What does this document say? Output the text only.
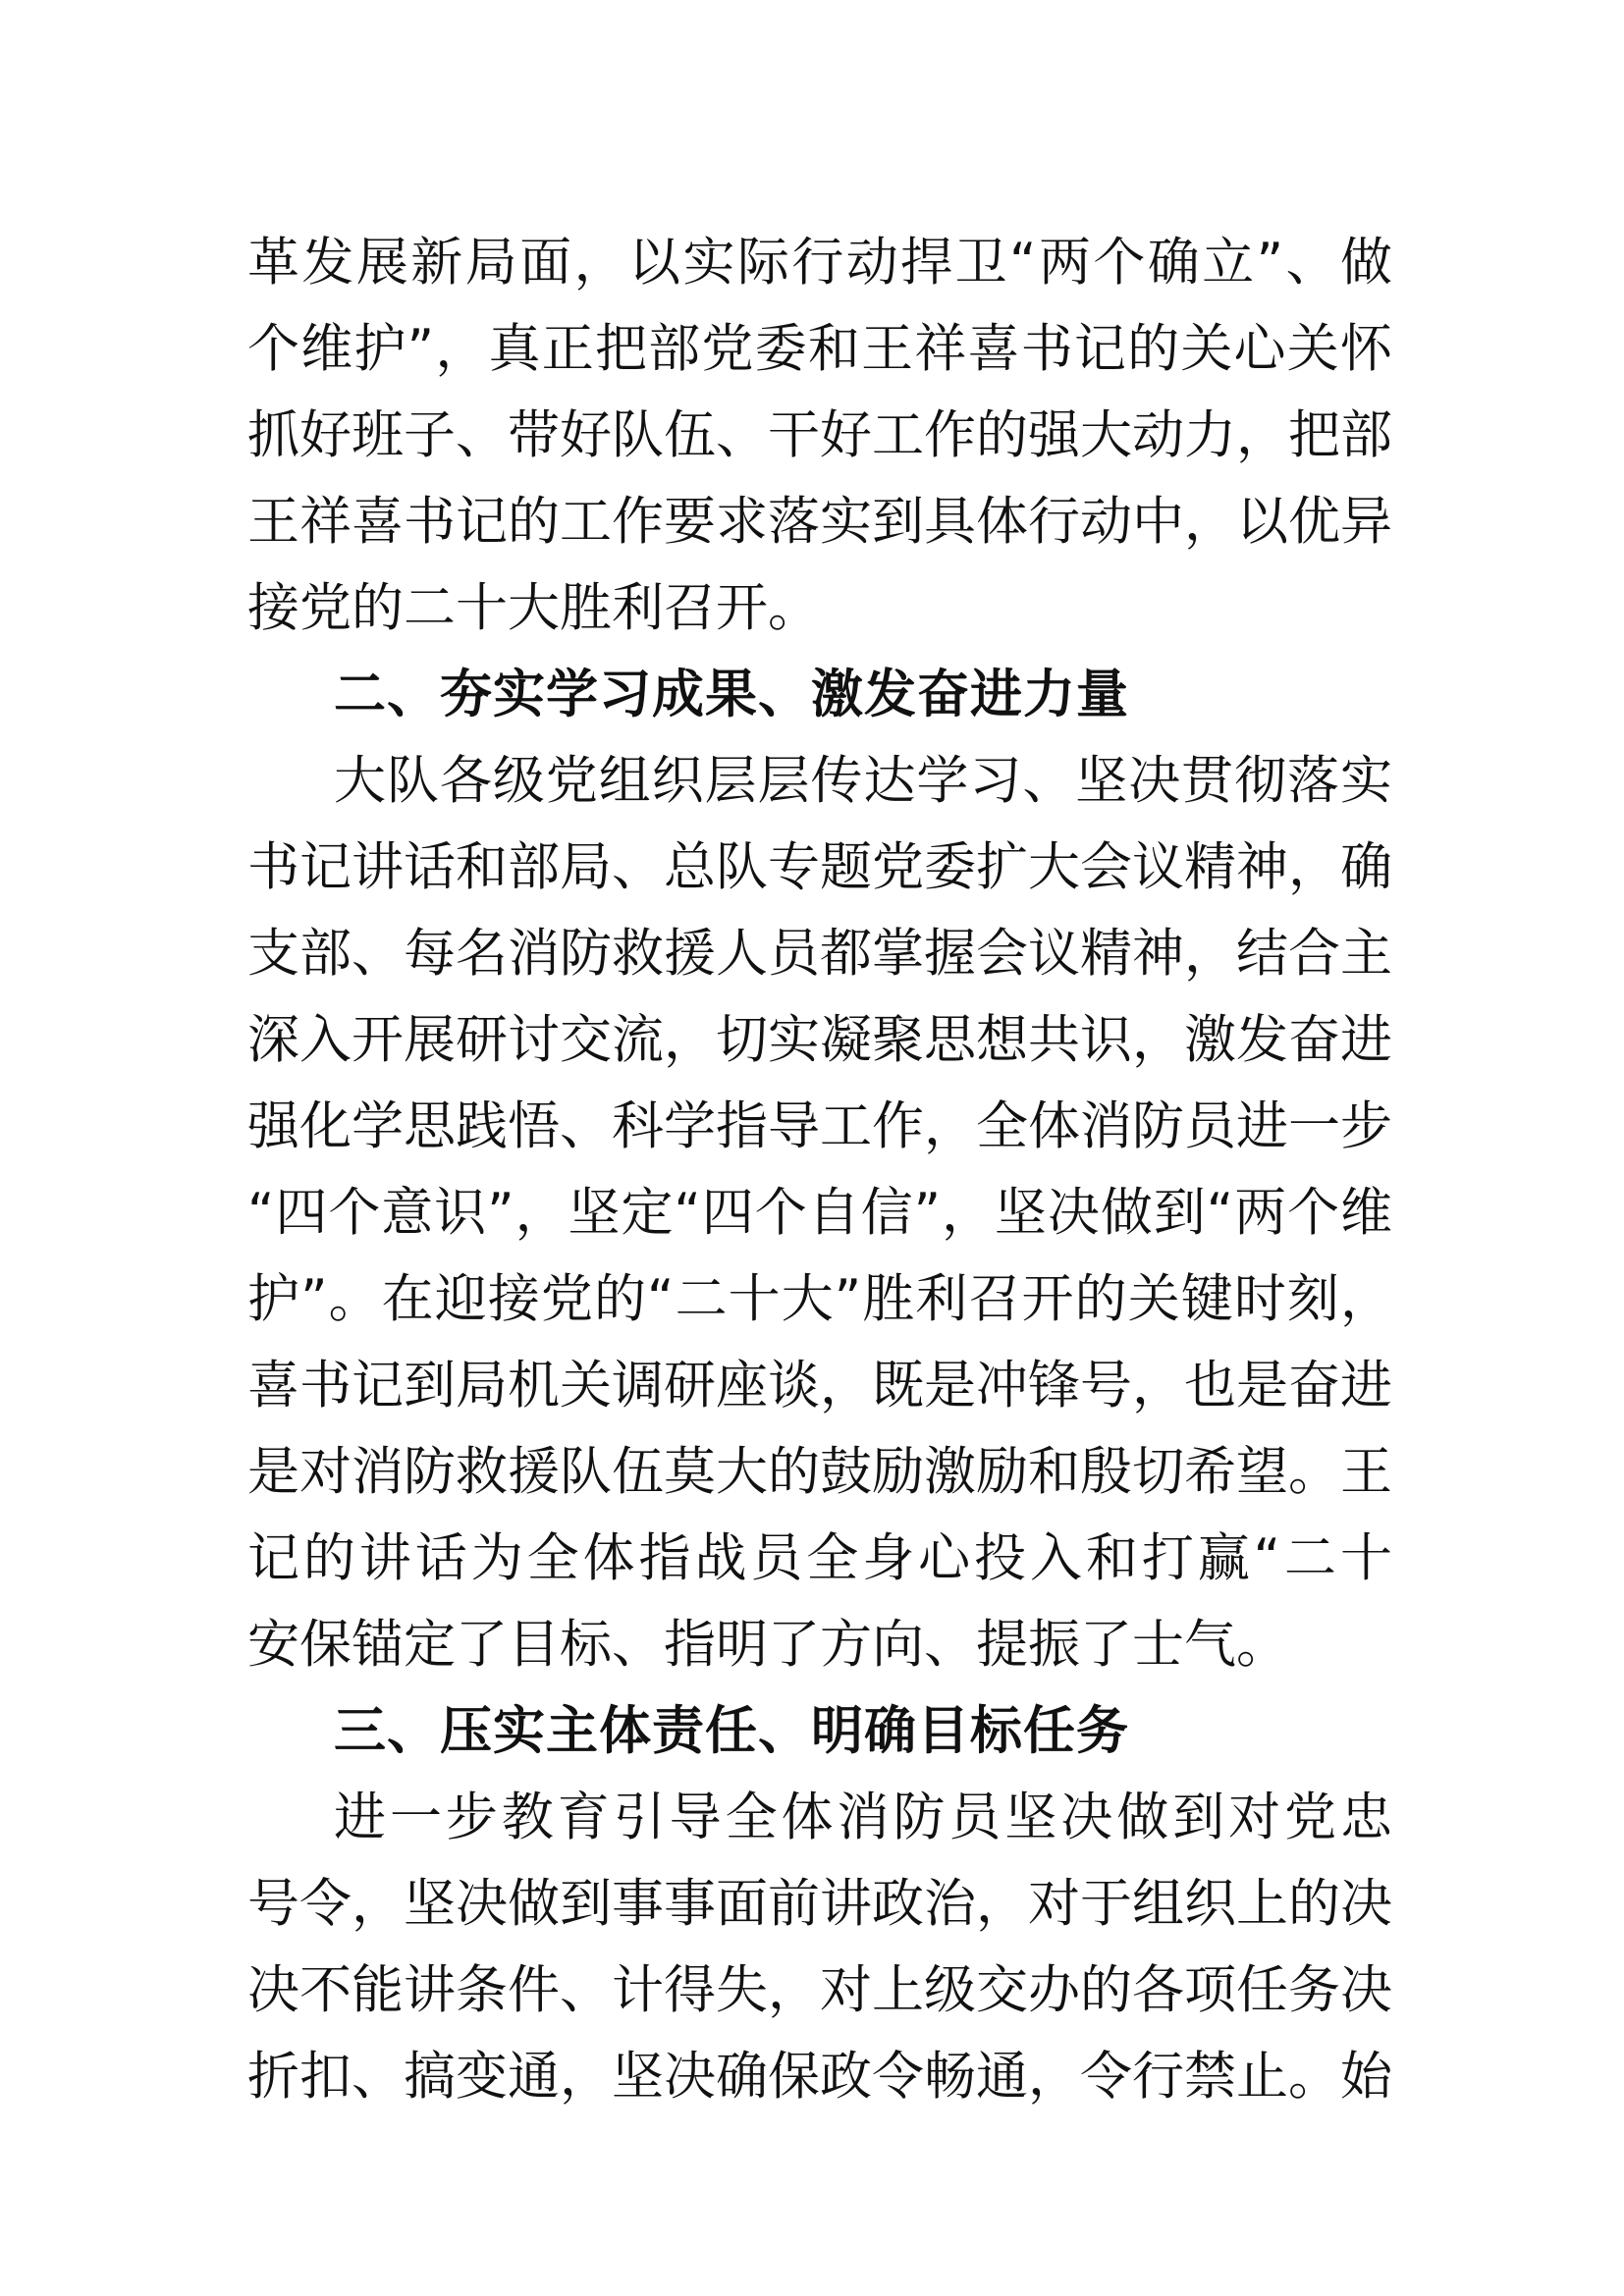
革发展新局面，以实际行动捍卫“两个确立”、做
个维护”，真正把部党委和王祥喜书记的关心关怀
抓好班子、带好队伍、干好工作的强大动力，把部
王祥喜书记的工作要求落实到具体行动中，以优异
接党的二十大胜利召开。
二、夯实学习成果、激发奋进力量
大队各级党组织层层传达学习、坚决贯彻落实
书记讲话和部局、总队专题党委扩大会议精神，确
支部、每名消防救援人员都掌握会议精神，结合主
深入开展研讨交流，切实凝聚思想共识，激发奋进
强化学思践悟、科学指导工作，全体消防员进一步
“四个意识”，坚定“四个自信”，坚决做到“两个维
护”。在迎接党的“二十大”胜利召开的关键时刻，
喜书记到局机关调研座谈，既是冲锋号，也是奋进
是对消防救援队伍莫大的鼓励激励和殷切希望。王
记的讲话为全体指战员全身心投入和打赢“二十
安保锚定了目标、指明了方向、提振了士气。
三、压实主体责任、明确目标任务
进一步教育引导全体消防员坚决做到对党忠
号令，坚决做到事事面前讲政治，对于组织上的决
决不能讲条件、计得失，对上级交办的各项任务决
折扣、搞变通，坚决确保政令畅通，令行禁止。始
